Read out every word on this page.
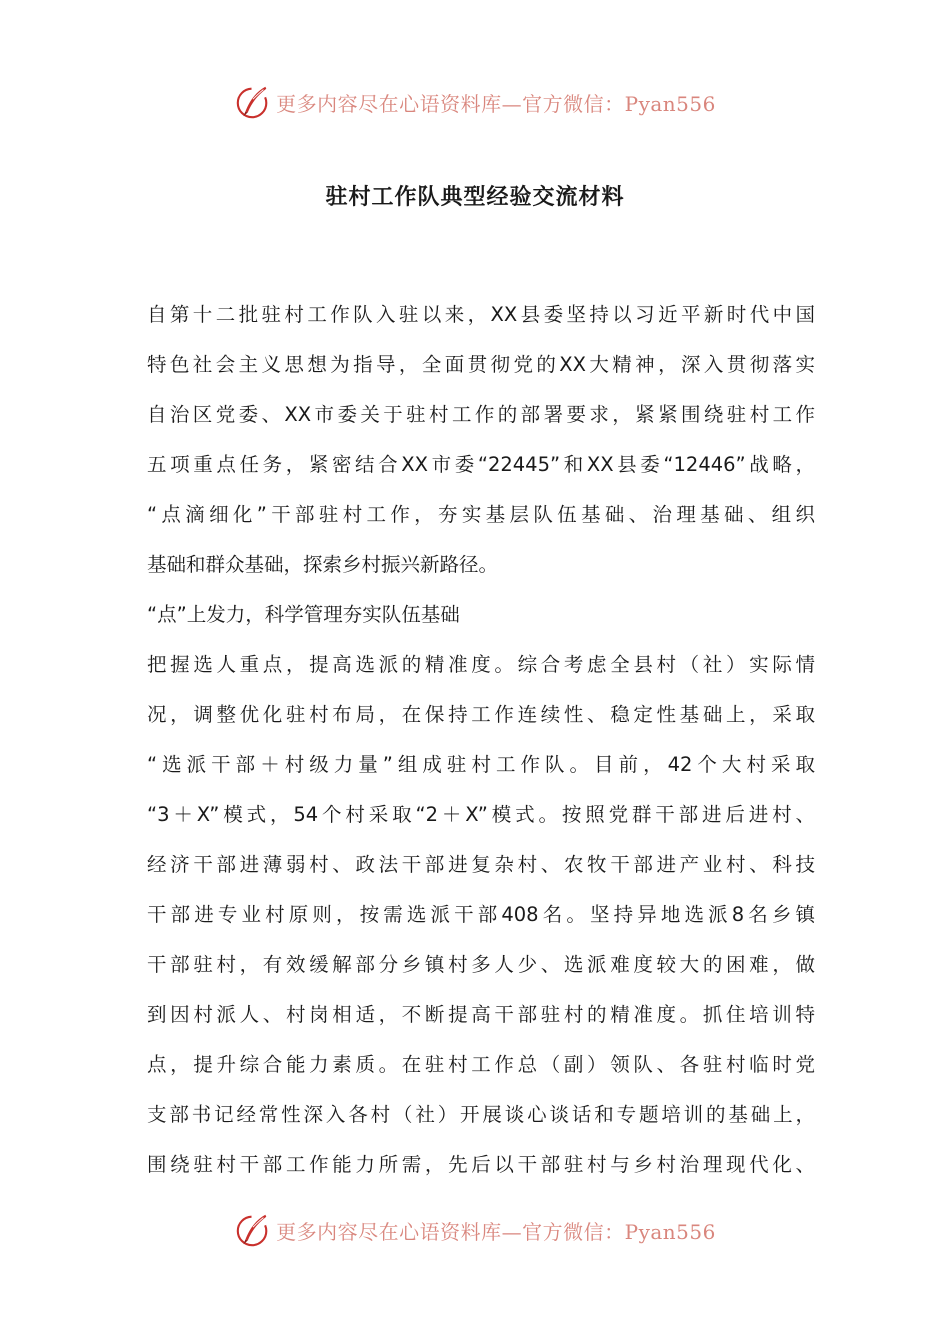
更多内容尽在心语资料库—官方微信：Pyan556
驻村工作队典型经验交流材料
自第十二批驻村工作队入驻以来，XX县委坚持以习近平新时代中国
特色社会主义思想为指导，全面贯彻党的XX大精神，深入贯彻落实
自治区党委、XX市委关于驻村工作的部署要求，紧紧围绕驻村工作
五项重点任务，紧密结合XX市委“22445”和XX县委“12446”战略，
“点滴细化”干部驻村工作，夯实基层队伍基础、治理基础、组织
基础和群众基础，探索乡村振兴新路径。
“点”上发力，科学管理夯实队伍基础
把握选人重点，提高选派的精准度。综合考虑全县村（社）实际情
况，调整优化驻村布局，在保持工作连续性、稳定性基础上，采取
“选派干部＋村级力量”组成驻村工作队。目前，42个大村采取
“3＋X”模式，54个村采取“2＋X”模式。按照党群干部进后进村、
经济干部进薄弱村、政法干部进复杂村、农牧干部进产业村、科技
干部进专业村原则，按需选派干部408名。坚持异地选派8名乡镇
干部驻村，有效缓解部分乡镇村多人少、选派难度较大的困难，做
到因村派人、村岗相适，不断提高干部驻村的精准度。抓住培训特
点，提升综合能力素质。在驻村工作总（副）领队、各驻村临时党
支部书记经常性深入各村（社）开展谈心谈话和专题培训的基础上，
围绕驻村干部工作能力所需，先后以干部驻村与乡村治理现代化、
更多内容尽在心语资料库—官方微信：Pyan556
